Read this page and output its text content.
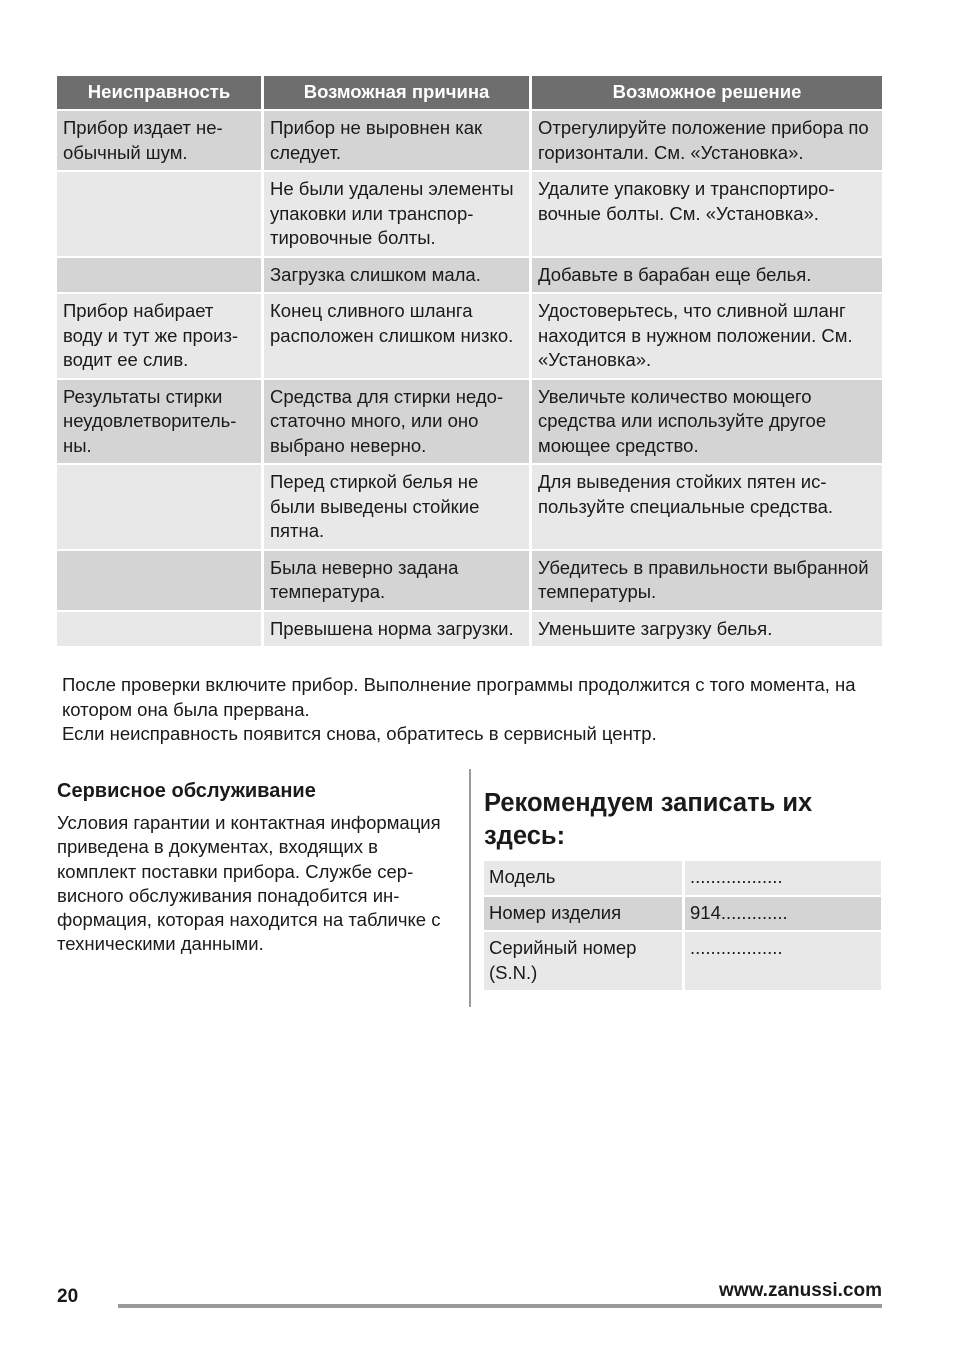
Неисправность	Возможная причина	Возможное решение
Прибор издает необычный шум.	Прибор не выровнен как следует.	Отрегулируйте положение прибора по горизонтали. См. «Установка».
	Не были удалены элементы упаковки или транспортировочные болты.	Удалите упаковку и транспортировочные болты. См. «Установка».
	Загрузка слишком мала.	Добавьте в барабан еще белья.
Прибор набирает воду и тут же производит ее слив.	Конец сливного шланга расположен слишком низко.	Удостоверьтесь, что сливной шланг находится в нужном положении. См. «Установка».
Результаты стирки неудовлетворительны.	Средства для стирки недостаточно много, или оно выбрано неверно.	Увеличьте количество моющего средства или используйте другое моющее средство.
	Перед стиркой белья не были выведены стойкие пятна.	Для выведения стойких пятен используйте специальные средства.
	Была неверно задана температура.	Убедитесь в правильности выбранной температуры.
	Превышена норма загрузки.	Уменьшите загрузку белья.

После проверки включите прибор. Выполнение программы продолжится с того момента, на котором она была прервана.

Если неисправность появится снова, обратитесь в сервисный центр.

Сервисное обслуживание

Условия гарантии и контактная информация приведена в документах, входящих в комплект поставки прибора. Службе сервисного обслуживания понадобится информация, которая находится на табличке с техническими данными.

Рекомендуем записать их здесь:
Модель	..................
Номер изделия	914.............
Серийный номер (S.N.)	..................
20	www.zanussi.com
